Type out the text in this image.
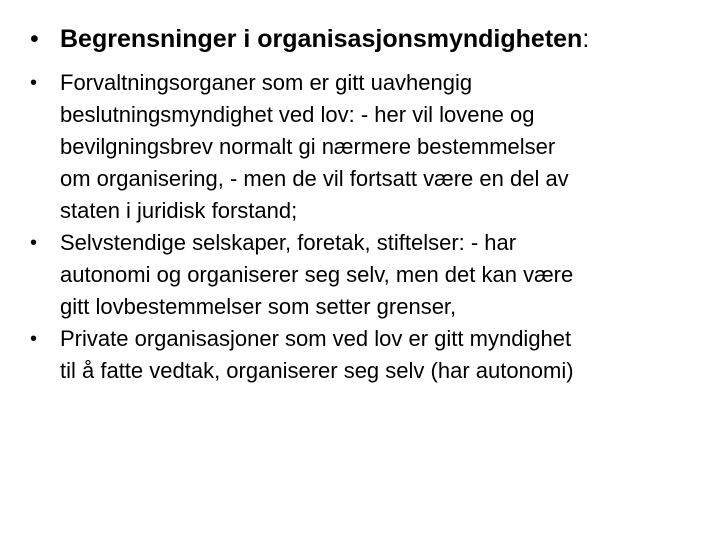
• Begrensninger i organisasjonsmyndigheten:
• Forvaltningsorganer som er gitt uavhengig
beslutningsmyndighet ved lov: - her vil lovene og
bevilgningsbrev normalt gi nærmere bestemmelser
om organisering, - men de vil fortsatt være en del av
staten i juridisk forstand;
• Selvstendige selskaper, foretak, stiftelser: - har
autonomi og organiserer seg selv, men det kan være
gitt lovbestemmelser som setter grenser,
• Private organisasjoner som ved lov er gitt myndighet
til å fatte vedtak, organiserer seg selv (har autonomi)
